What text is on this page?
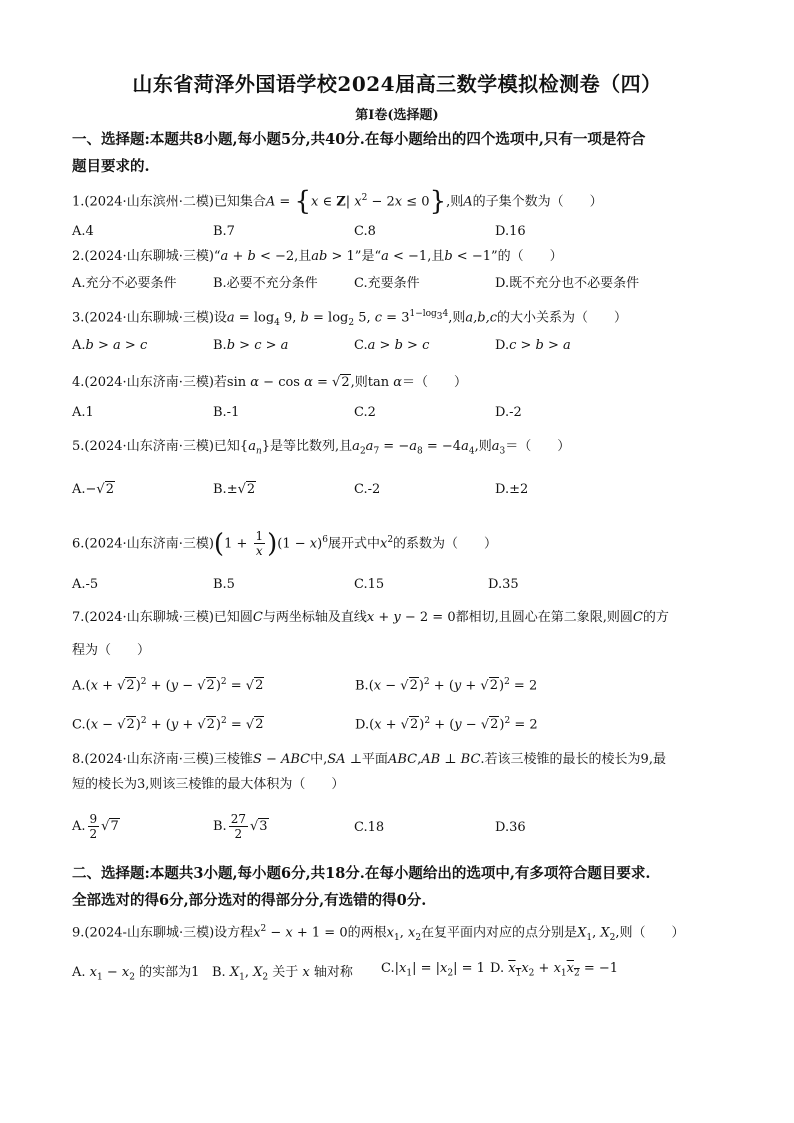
山东省菏泽外国语学校2024届高三数学模拟检测卷（四）
第Ⅰ卷(选择题)
一、选择题:本题共8小题,每小题5分,共40分.在每小题给出的四个选项中,只有一项是符合
题目要求的.
1.(2024·山东滨州·二模)已知集合A = {x ∈ Z| $x^2 - 2x \le 0$},则A的子集个数为（　　）
A.4	B.7	C.8	D.16
2.(2024·山东聊城·三模)“a + b < −2,且ab > 1”是“a < −1,且b < −1”的（　　）
A.充分不必要条件	B.必要不充分条件	C.充要条件	D.既不充分也不必要条件
3.(2024·山东聊城·三模)设$a = \log_4 9$, $b = \log_2 5$, $c = 3^{1-log_34}$,则a,b,c的大小关系为（　　）
A.b > a > c	B.b > c > a	C.a > b > c	D.c > b > a
4.(2024·山东济南·三模)若sin α − cos α = √2,则tan α＝（　　）
A.1	B.-1	C.2	D.-2
5.(2024·山东济南·三模)已知$\{a_n\}$是等比数列,且$a_2a_7 = -a_8 = -4a_4$,则$a_3=$（　　）
A.−√2	B.±√2	C.-2	D.±2
6.(2024·山东济南·三模)$(1 + \frac{1}{x} )(1 - x)^6$展开式中$x^2$的系数为（　　）
A.-5	B.5	C.15	D.35
7.(2024·山东聊城·三模)已知圆C与两坐标轴及直线x + y − 2 = 0都相切,且圆心在第二象限,则圆C的方
程为（　　）
$A.(x + √2)^2 + (y - √2)^2 = √2$	$B.(x - √2)^2 + (y + √2)^2 = 2$
$C.(x - √2)^2 + (y + √2)^2 = √2$	$D.(x + √2)^2 + (y - √2)^2 = 2$
8.(2024·山东济南·三模)三棱锥S − ABC中,SA ⊥平面ABC,AB ⊥ BC.若该三棱锥的最长的棱长为9,最
短的棱长为3,则该三棱锥的最大体积为（　　）
A. $\frac{9}{2} √7$	B. $\frac{27}{2} √3$	C.18	D.36
二、选择题:本题共3小题,每小题6分,共18分.在每小题给出的选项中,有多项符合题目要求.
全部选对的得6分,部分选对的得部分分,有选错的得0分.
9.(2024-山东聊城·三模)设方程$x^2 - x + 1 = 0$的两根$x_1$, $x_2$在复平面内对应的点分别是$X_1$, $X_2$,则（　　）
A. $x_1 - x_2$ 的实部为1 B. $X_1$, $X_2$ 关于 x 轴对称 $C.|x_1| = |x_2| = 1$ D. $x_1x_2 + x_1x_2 = -1$
